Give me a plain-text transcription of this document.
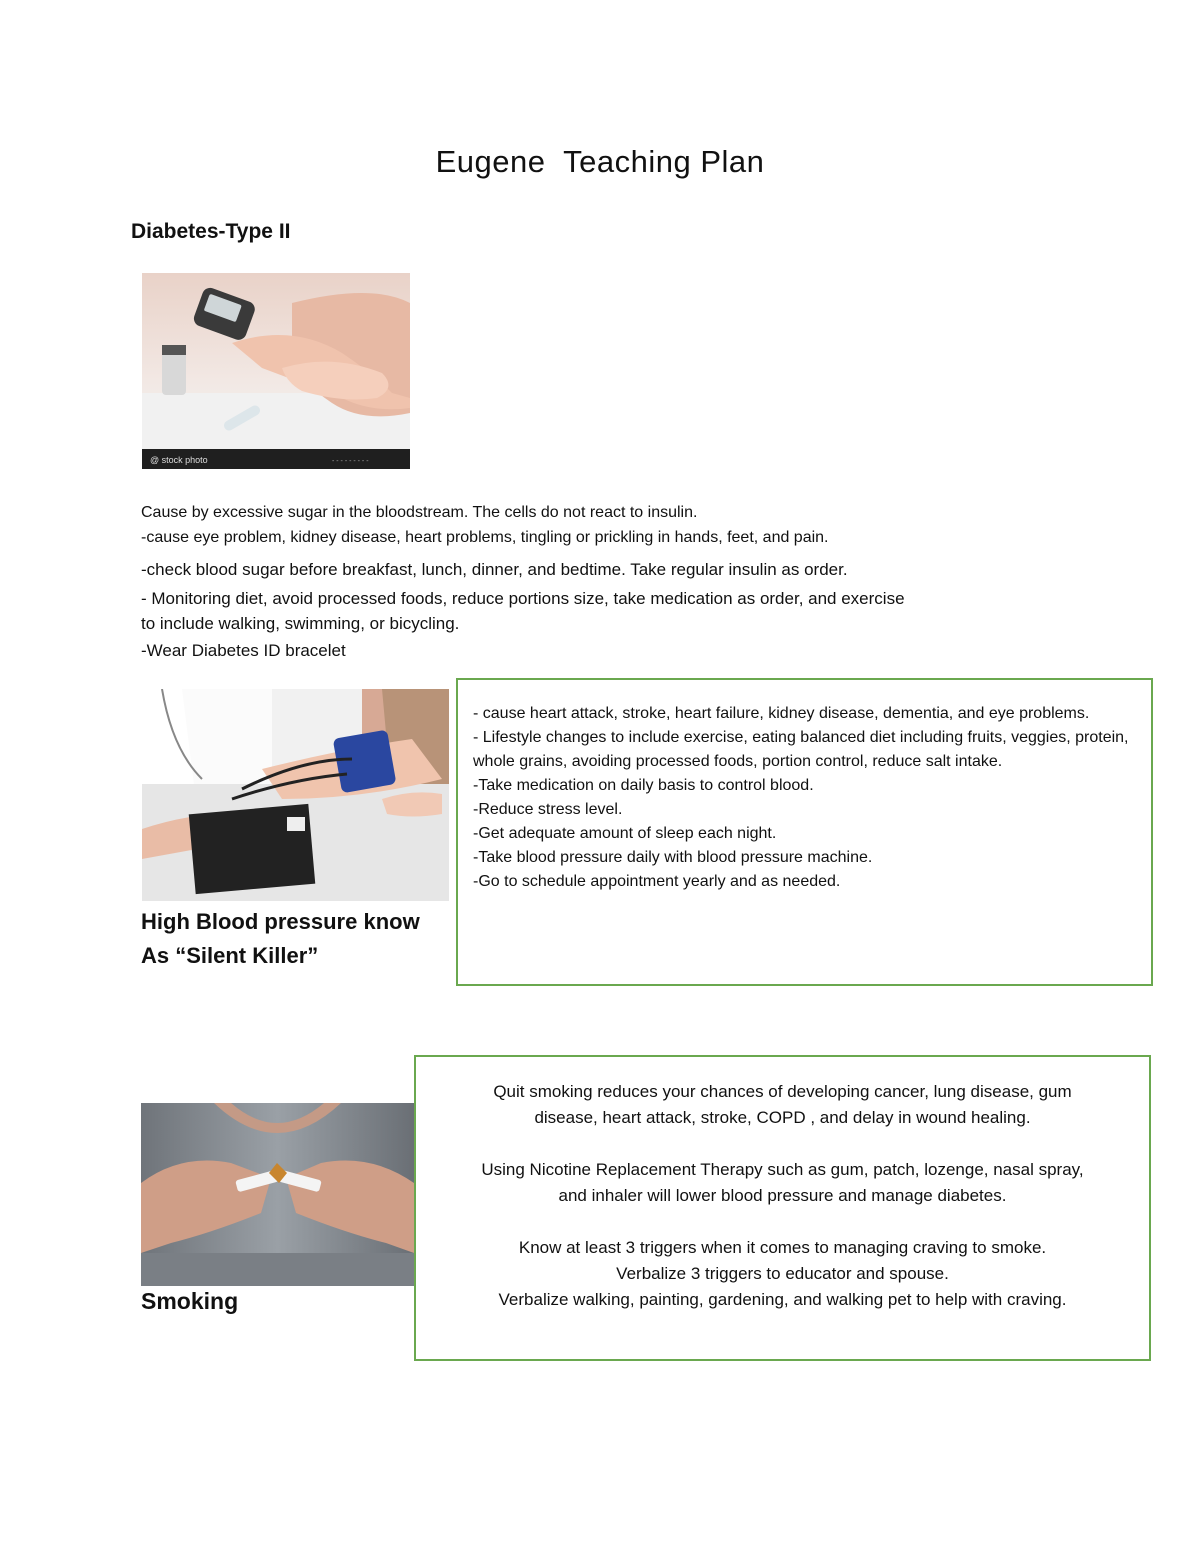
Eugene  Teaching Plan
Diabetes-Type II
@ stock photo	- - - - - - - - -
Cause by excessive sugar in the bloodstream. The cells do not react to insulin.
-cause eye problem, kidney disease, heart problems, tingling or prickling in hands, feet, and pain.
-check blood sugar before breakfast, lunch, dinner, and bedtime. Take regular insulin as order.
- Monitoring diet, avoid processed foods, reduce portions size, take medication as order, and exercise
to include walking, swimming, or bicycling.
-Wear Diabetes ID bracelet
High Blood pressure know
As “Silent Killer”
- cause heart attack, stroke, heart failure, kidney disease, dementia, and eye problems.
- Lifestyle changes to include exercise, eating balanced diet including fruits, veggies, protein, whole grains, avoiding processed foods, portion control, reduce salt intake.
-Take medication on daily basis to control blood.
-Reduce stress level.
-Get adequate amount of sleep each night.
-Take blood pressure daily with blood pressure machine.
-Go to schedule appointment yearly and as needed.
Smoking
Quit smoking reduces your chances of developing cancer, lung disease, gum
disease, heart attack, stroke, COPD , and delay in wound healing.
Using Nicotine Replacement Therapy such as gum, patch, lozenge, nasal spray,
and inhaler will lower blood pressure and manage diabetes.
Know at least 3 triggers when it comes to managing craving to smoke.
Verbalize 3 triggers to educator and spouse.
Verbalize walking, painting, gardening, and walking pet to help with craving.
